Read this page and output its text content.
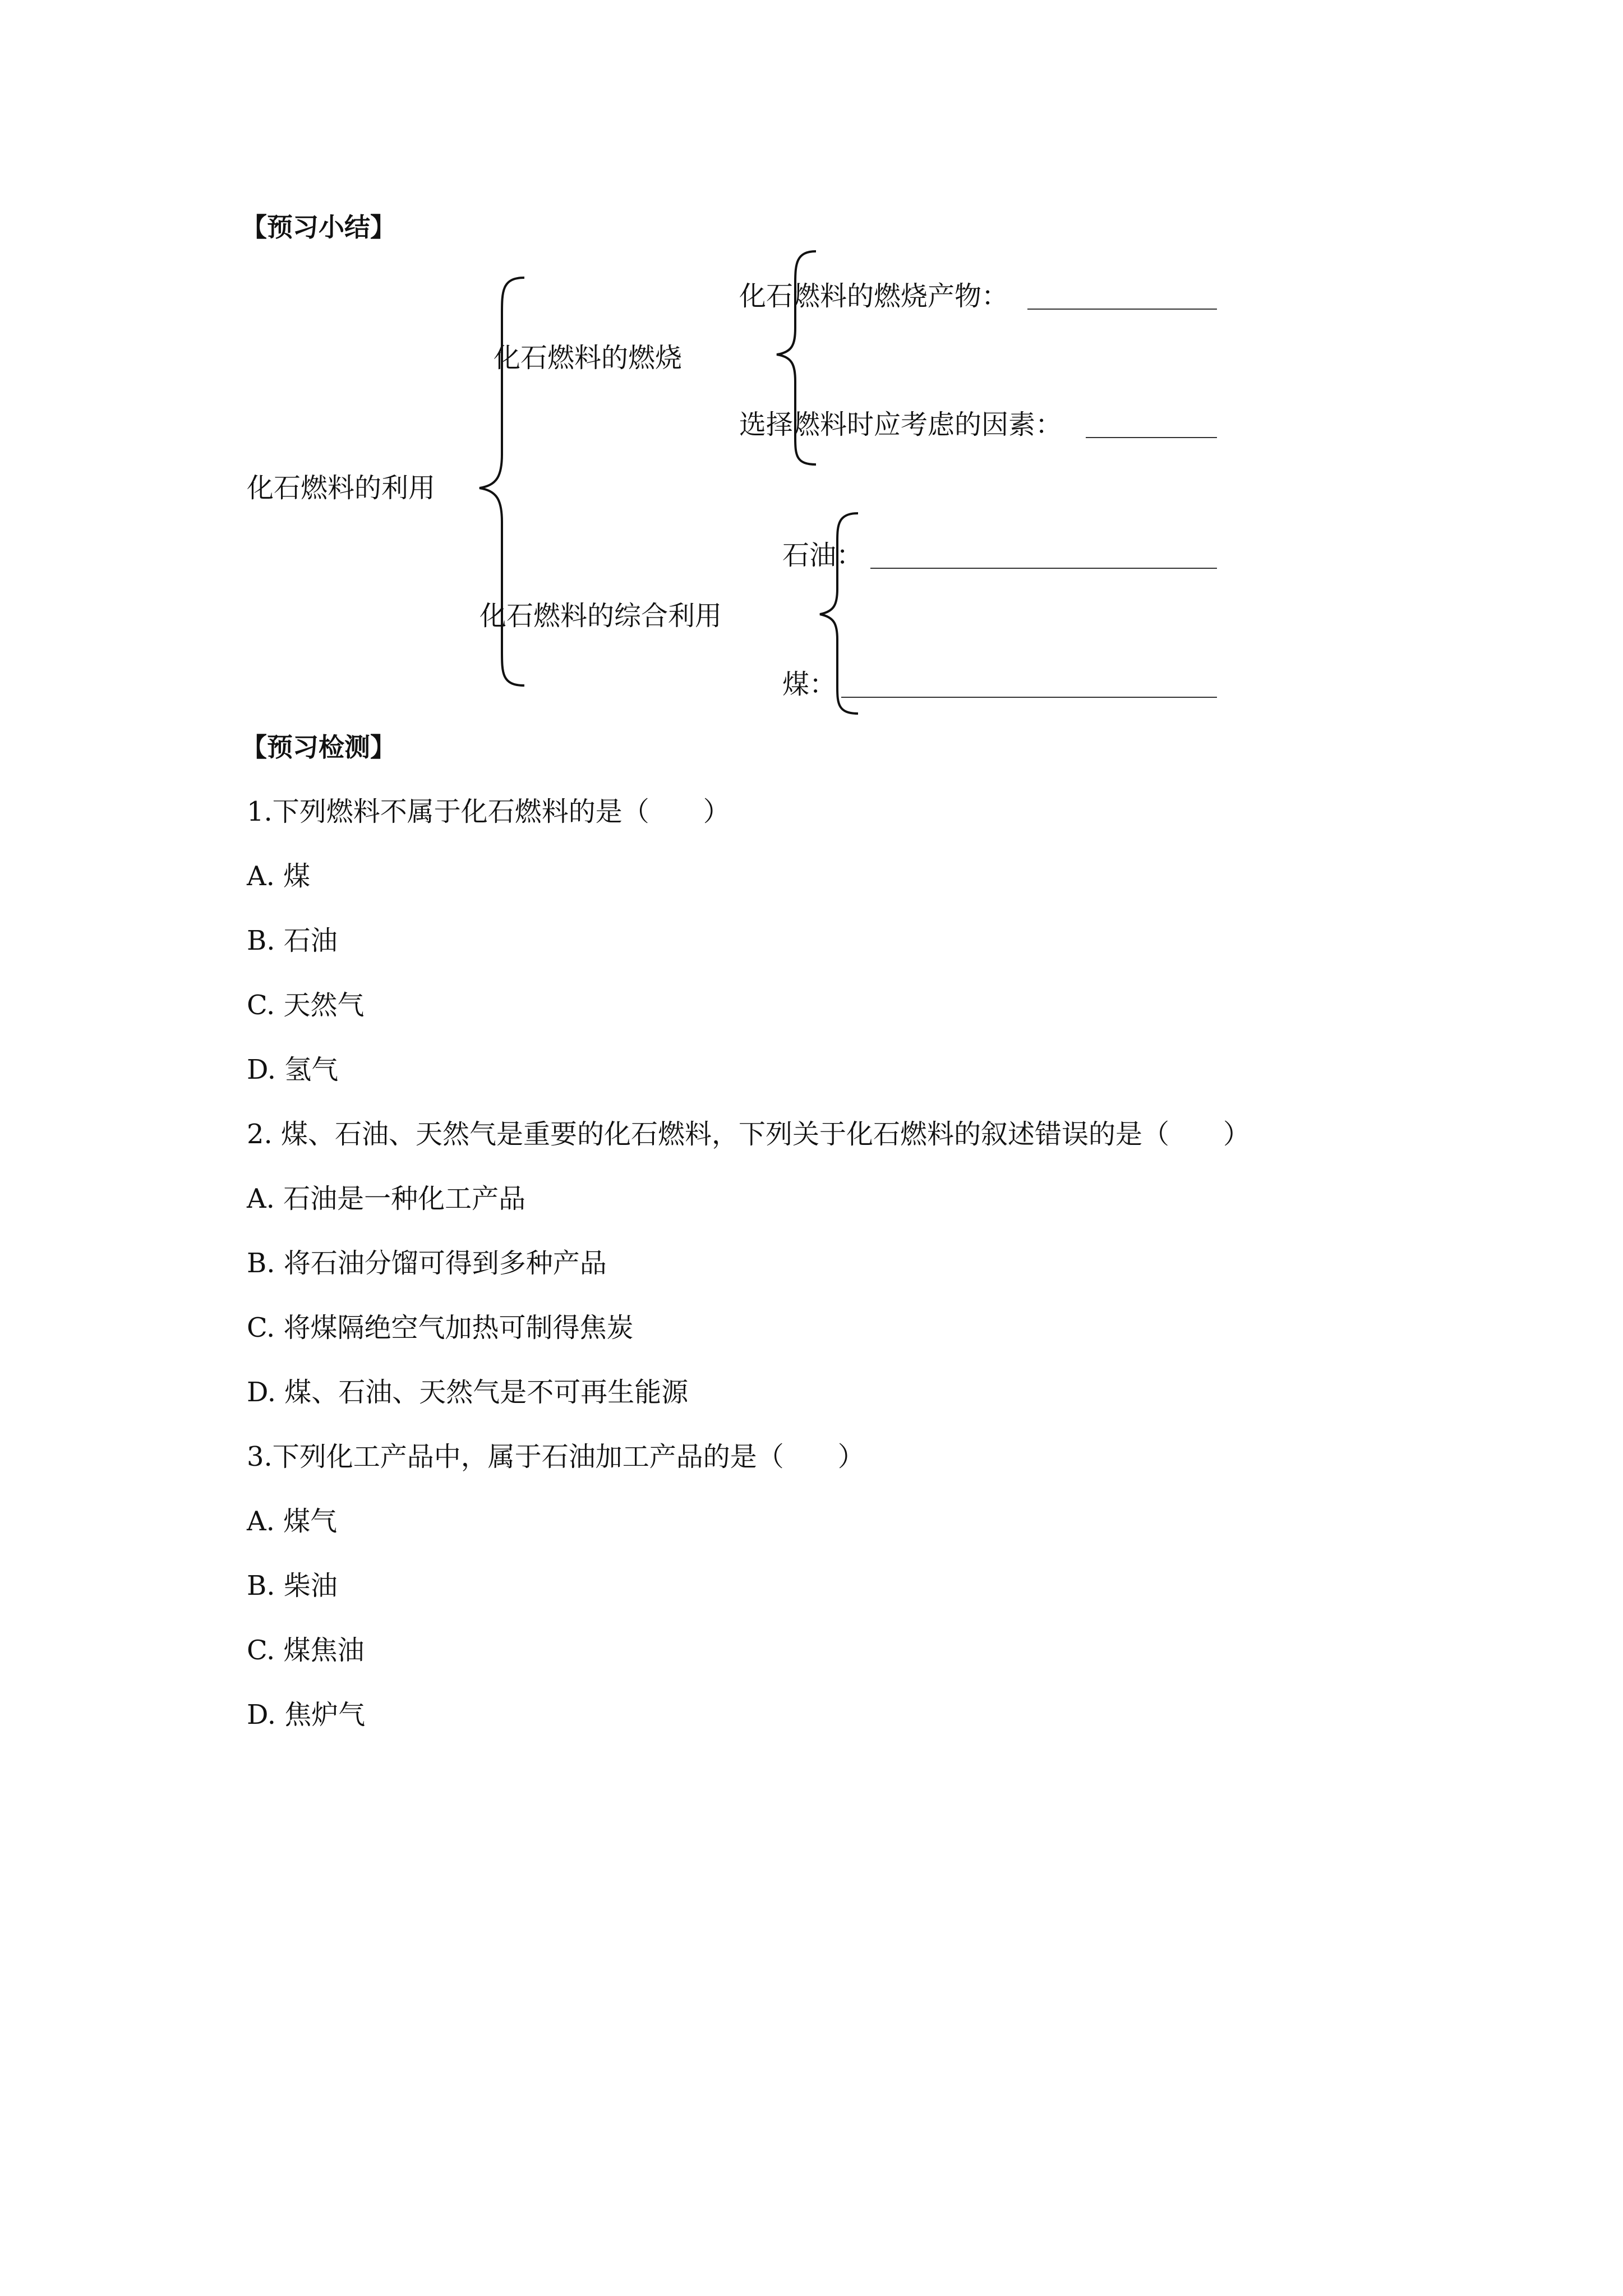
【预习小结】
化石燃料的利用
化石燃料的燃烧
化石燃料的燃烧产物：
选择燃料时应考虑的因素：
化石燃料的综合利用
石油：
煤：
【预习检测】
1.下列燃料不属于化石燃料的是（　　）
A. 煤
B. 石油
C. 天然气
D. 氢气
2. 煤、石油、天然气是重要的化石燃料，下列关于化石燃料的叙述错误的是（　　）
A. 石油是一种化工产品
B. 将石油分馏可得到多种产品
C. 将煤隔绝空气加热可制得焦炭
D. 煤、石油、天然气是不可再生能源
3.下列化工产品中，属于石油加工产品的是（　　）
A. 煤气
B. 柴油
C. 煤焦油
D. 焦炉气
